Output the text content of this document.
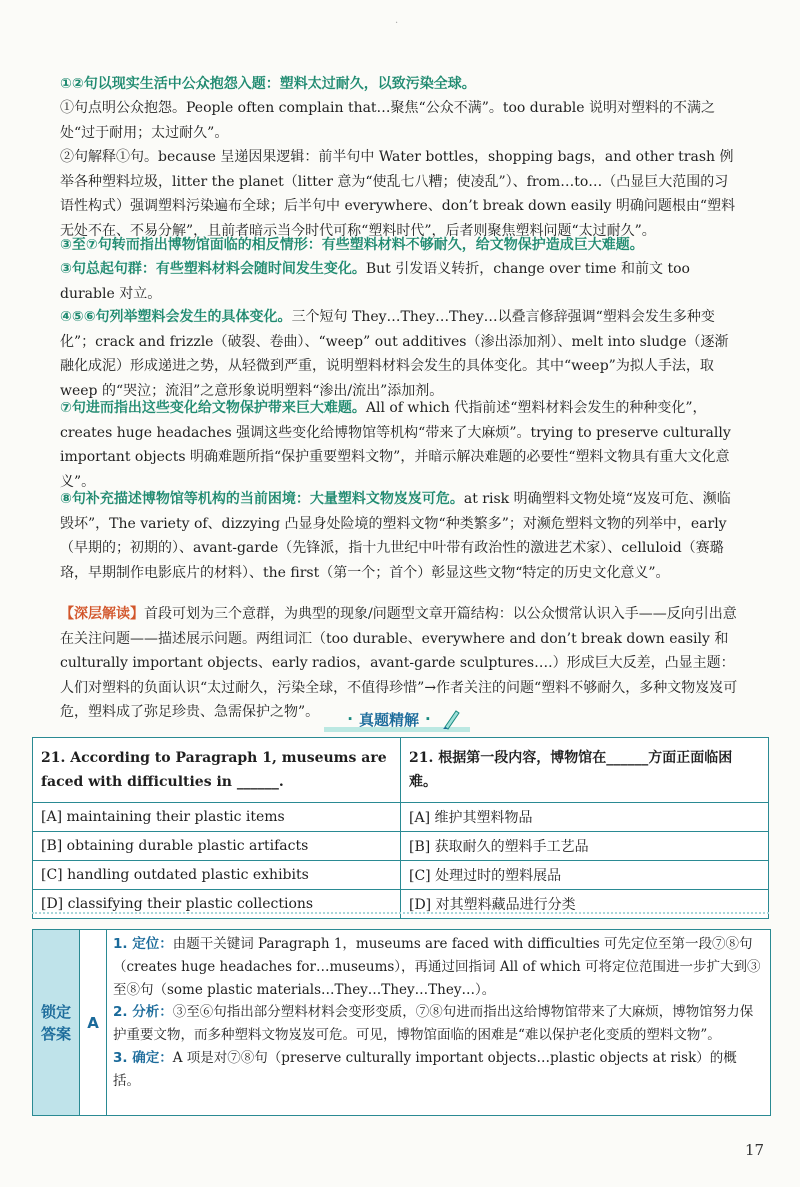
·

①②句以现实生活中公众抱怨入题：塑料太过耐久，以致污染全球。

①句点明公众抱怨。People often complain that…聚焦“公众不满”。too durable 说明对塑料的不满之处“过于耐用；太过耐久”。

②句解释①句。because 呈递因果逻辑：前半句中 Water bottles，shopping bags，and other trash 例举各种塑料垃圾，litter the planet（litter 意为“使乱七八糟；使凌乱”）、from…to…（凸显巨大范围的习语性构式）强调塑料污染遍布全球；后半句中 everywhere、don’t break down easily 明确问题根由“塑料无处不在、不易分解”，且前者暗示当今时代可称“塑料时代”，后者则聚焦塑料问题“太过耐久”。

③至⑦句转而指出博物馆面临的相反情形：有些塑料材料不够耐久，给文物保护造成巨大难题。

③句总起句群：有些塑料材料会随时间发生变化。But 引发语义转折，change over time 和前文 too durable 对立。

④⑤⑥句列举塑料会发生的具体变化。三个短句 They…They…They…以叠言修辞强调“塑料会发生多种变化”；crack and frizzle（破裂、卷曲）、“weep” out additives（渗出添加剂）、melt into sludge（逐渐融化成泥）形成递进之势，从轻微到严重，说明塑料材料会发生的具体变化。其中“weep”为拟人手法，取 weep 的“哭泣；流泪”之意形象说明塑料“渗出/流出”添加剂。

⑦句进而指出这些变化给文物保护带来巨大难题。All of which 代指前述“塑料材料会发生的种种变化”，creates huge headaches 强调这些变化给博物馆等机构“带来了大麻烦”。trying to preserve culturally important objects 明确难题所指“保护重要塑料文物”，并暗示解决难题的必要性“塑料文物具有重大文化意义”。

⑧句补充描述博物馆等机构的当前困境：大量塑料文物岌岌可危。at risk 明确塑料文物处境“岌岌可危、濒临毁坏”，The variety of、dizzying 凸显身处险境的塑料文物“种类繁多”；对濒危塑料文物的列举中，early（早期的；初期的）、avant-garde（先锋派，指十九世纪中叶带有政治性的激进艺术家）、celluloid（赛璐珞，早期制作电影底片的材料）、the first（第一个；首个）彰显这些文物“特定的历史文化意义”。

【深层解读】首段可划为三个意群，为典型的现象/问题型文章开篇结构：以公众惯常认识入手——反向引出意在关注问题——描述展示问题。两组词汇（too durable、everywhere and don’t break down easily 和 culturally important objects、early radios，avant-garde sculptures….）形成巨大反差，凸显主题：人们对塑料的负面认识“太过耐久，污染全球，不值得珍惜”→作者关注的问题“塑料不够耐久，多种文物岌岌可危，塑料成了弥足珍贵、急需保护之物”。	· 真题精解 ·
21. According to Paragraph 1, museums are faced with difficulties in ______.	21. 根据第一段内容，博物馆在______方面正面临困难。
[A] maintaining their plastic items	[A] 维护其塑料物品
[B] obtaining durable plastic artifacts	[B] 获取耐久的塑料手工艺品
[C] handling outdated plastic exhibits	[C] 处理过时的塑料展品
[D] classifying their plastic collections	[D] 对其塑料藏品进行分类
锁定
答案
A
1. 定位：由题干关键词 Paragraph 1，museums are faced with difficulties 可先定位至第一段⑦⑧句（creates huge headaches for…museums），再通过回指词 All of which 可将定位范围进一步扩大到③至⑧句（some plastic materials…They…They…They…）。
2. 分析：③至⑥句指出部分塑料材料会变形变质，⑦⑧句进而指出这给博物馆带来了大麻烦，博物馆努力保护重要文物，而多种塑料文物岌岌可危。可见，博物馆面临的困难是“难以保护老化变质的塑料文物”。
3. 确定：A 项是对⑦⑧句（preserve culturally important objects…plastic objects at risk）的概括。
17
